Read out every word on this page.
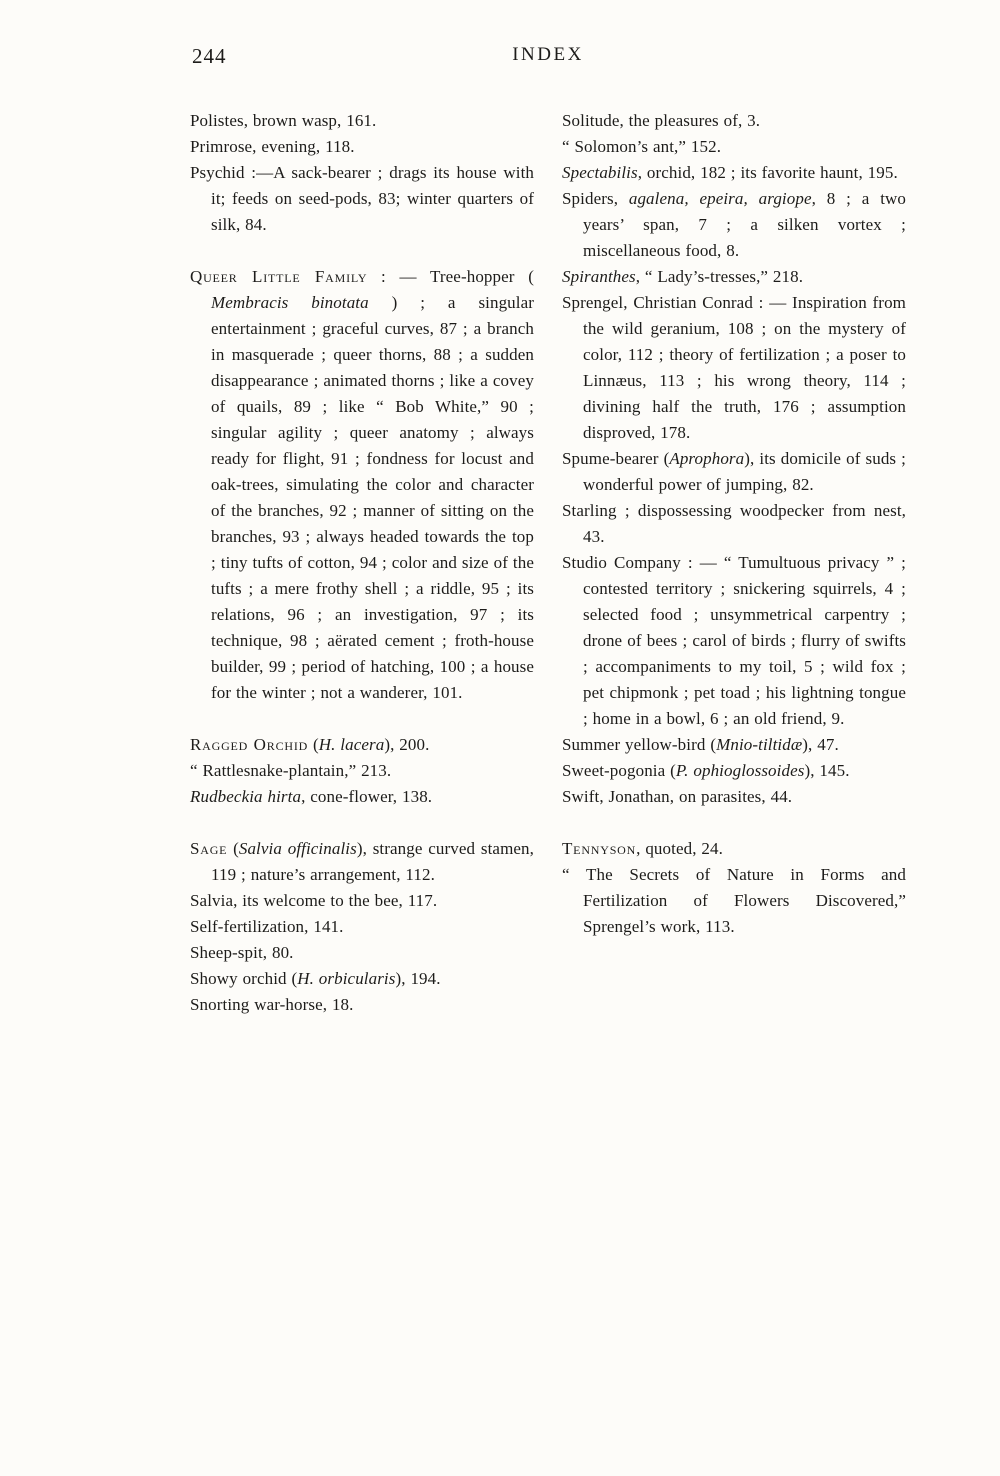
244	INDEX

Polistes, brown wasp, 161.

Primrose, evening, 118.

Psychid :—A sack-bearer ; drags its house with it; feeds on seed-pods, 83; winter quarters of silk, 84.

Queer Little Family : — Tree-hopper ( Membracis binotata ) ; a singular entertainment ; graceful curves, 87 ; a branch in masquerade ; queer thorns, 88 ; a sudden disappearance ; animated thorns ; like a covey of quails, 89 ; like “ Bob White,” 90 ; singular agility ; queer anatomy ; always ready for flight, 91 ; fondness for locust and oak-trees, simulating the color and character of the branches, 92 ; manner of sitting on the branches, 93 ; always headed towards the top ; tiny tufts of cotton, 94 ; color and size of the tufts ; a mere frothy shell ; a riddle, 95 ; its relations, 96 ; an investigation, 97 ; its technique, 98 ; aërated cement ; froth-house builder, 99 ; period of hatching, 100 ; a house for the winter ; not a wanderer, 101.

Ragged Orchid (H. lacera), 200.

“ Rattlesnake-plantain,” 213.

Rudbeckia hirta, cone-flower, 138.

Sage (Salvia officinalis), strange curved stamen, 119 ; nature’s arrangement, 112.

Salvia, its welcome to the bee, 117.

Self-fertilization, 141.

Sheep-spit, 80.

Showy orchid (H. orbicularis), 194.

Snorting war-horse, 18.

Solitude, the pleasures of, 3.

“ Solomon’s ant,” 152.

Spectabilis, orchid, 182 ; its favorite haunt, 195.

Spiders, agalena, epeira, argiope, 8 ; a two years’ span, 7 ; a silken vortex ; miscellaneous food, 8.

Spiranthes, “ Lady’s-tresses,” 218.

Sprengel, Christian Conrad : — Inspiration from the wild geranium, 108 ; on the mystery of color, 112 ; theory of fertilization ; a poser to Linnæus, 113 ; his wrong theory, 114 ; divining half the truth, 176 ; assumption disproved, 178.

Spume-bearer (Aprophora), its domicile of suds ; wonderful power of jumping, 82.

Starling ; dispossessing woodpecker from nest, 43.

Studio Company : — “ Tumultuous privacy ” ; contested territory ; snickering squirrels, 4 ; selected food ; unsymmetrical carpentry ; drone of bees ; carol of birds ; flurry of swifts ; accompaniments to my toil, 5 ; wild fox ; pet chipmonk ; pet toad ; his lightning tongue ; home in a bowl, 6 ; an old friend, 9.

Summer yellow-bird (Mnio-tiltidæ), 47.

Sweet-pogonia (P. ophioglossoides), 145.

Swift, Jonathan, on parasites, 44.

Tennyson, quoted, 24.

“ The Secrets of Nature in Forms and Fertilization of Flowers Discovered,” Sprengel’s work, 113.
